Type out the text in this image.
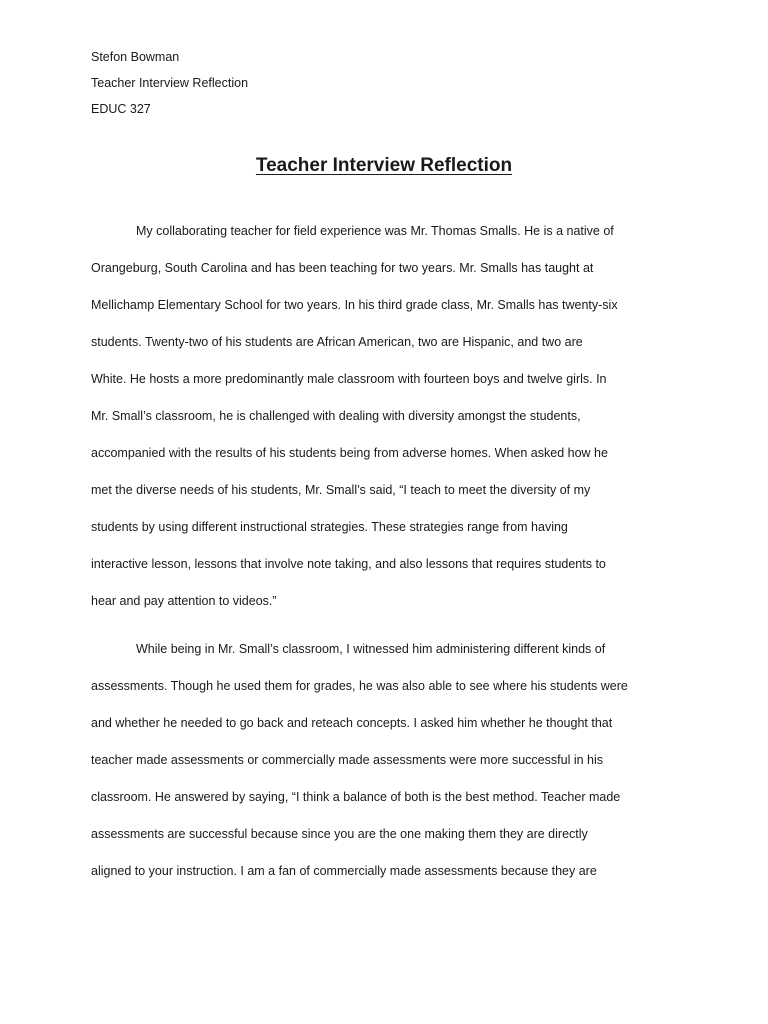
Stefon Bowman
Teacher Interview Reflection
EDUC 327
Teacher Interview Reflection
My collaborating teacher for field experience was Mr. Thomas Smalls. He is a native of
Orangeburg, South Carolina and has been teaching for two years. Mr. Smalls has taught at
Mellichamp Elementary School for two years. In his third grade class, Mr. Smalls has twenty-six
students. Twenty-two of his students are African American, two are Hispanic, and two are
White. He hosts a more predominantly male classroom with fourteen boys and twelve girls. In
Mr. Small’s classroom, he is challenged with dealing with diversity amongst the students,
accompanied with the results of his students being from adverse homes. When asked how he
met the diverse needs of his students, Mr. Small’s said, “I teach to meet the diversity of my
students by using different instructional strategies. These strategies range from having
interactive lesson, lessons that involve note taking, and also lessons that requires students to
hear and pay attention to videos.”
While being in Mr. Small’s classroom, I witnessed him administering different kinds of
assessments. Though he used them for grades, he was also able to see where his students were
and whether he needed to go back and reteach concepts. I asked him whether he thought that
teacher made assessments or commercially made assessments were more successful in his
classroom. He answered by saying, “I think a balance of both is the best method. Teacher made
assessments are successful because since you are the one making them they are directly
aligned to your instruction. I am a fan of commercially made assessments because they are
